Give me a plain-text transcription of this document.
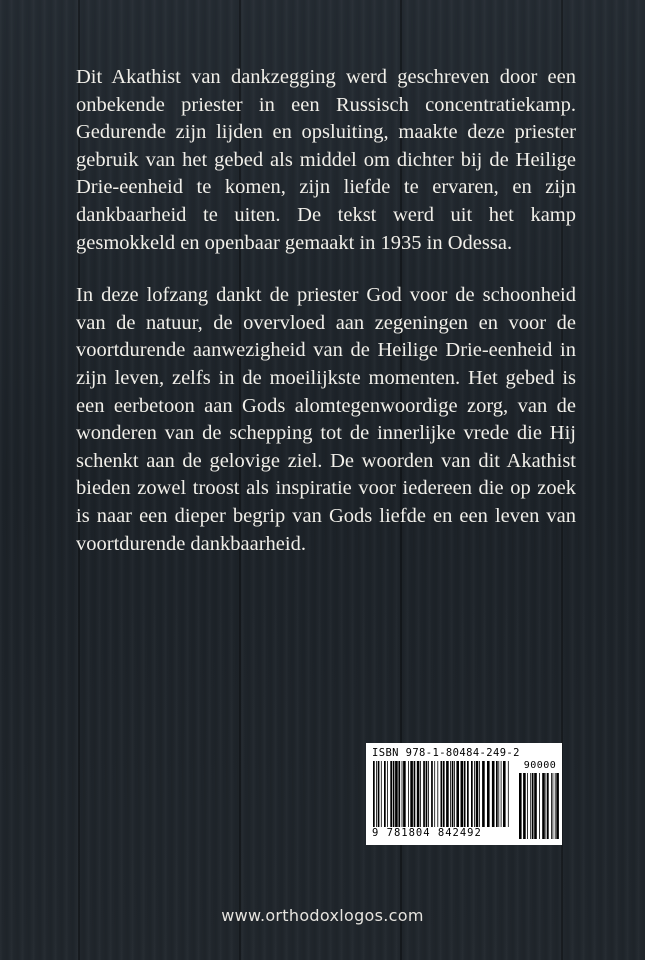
Dit Akathist van dankzegging werd geschreven door een onbekende priester in een Russisch concentratiekamp. Gedurende zijn lijden en opsluiting, maakte deze priester gebruik van het gebed als middel om dichter bij de Heilige Drie-eenheid te komen, zijn liefde te ervaren, en zijn dankbaarheid te uiten. De tekst werd uit het kamp gesmokkeld en openbaar gemaakt in 1935 in Odessa.

In deze lofzang dankt de priester God voor de schoonheid van de natuur, de overvloed aan zegeningen en voor de voortdurende aanwezigheid van de Heilige Drie-eenheid in zijn leven, zelfs in de moeilijkste momenten. Het gebed is een eerbetoon aan Gods alomtegenwoordige zorg, van de wonderen van de schepping tot de innerlijke vrede die Hij schenkt aan de gelovige ziel. De woorden van dit Akathist bieden zowel troost als inspiratie voor iedereen die op zoek is naar een dieper begrip van Gods liefde en een leven van voortdurende dankbaarheid.

ISBN 978-1-80484-249-2
9 781804 842492
90000
www.orthodoxlogos.com
